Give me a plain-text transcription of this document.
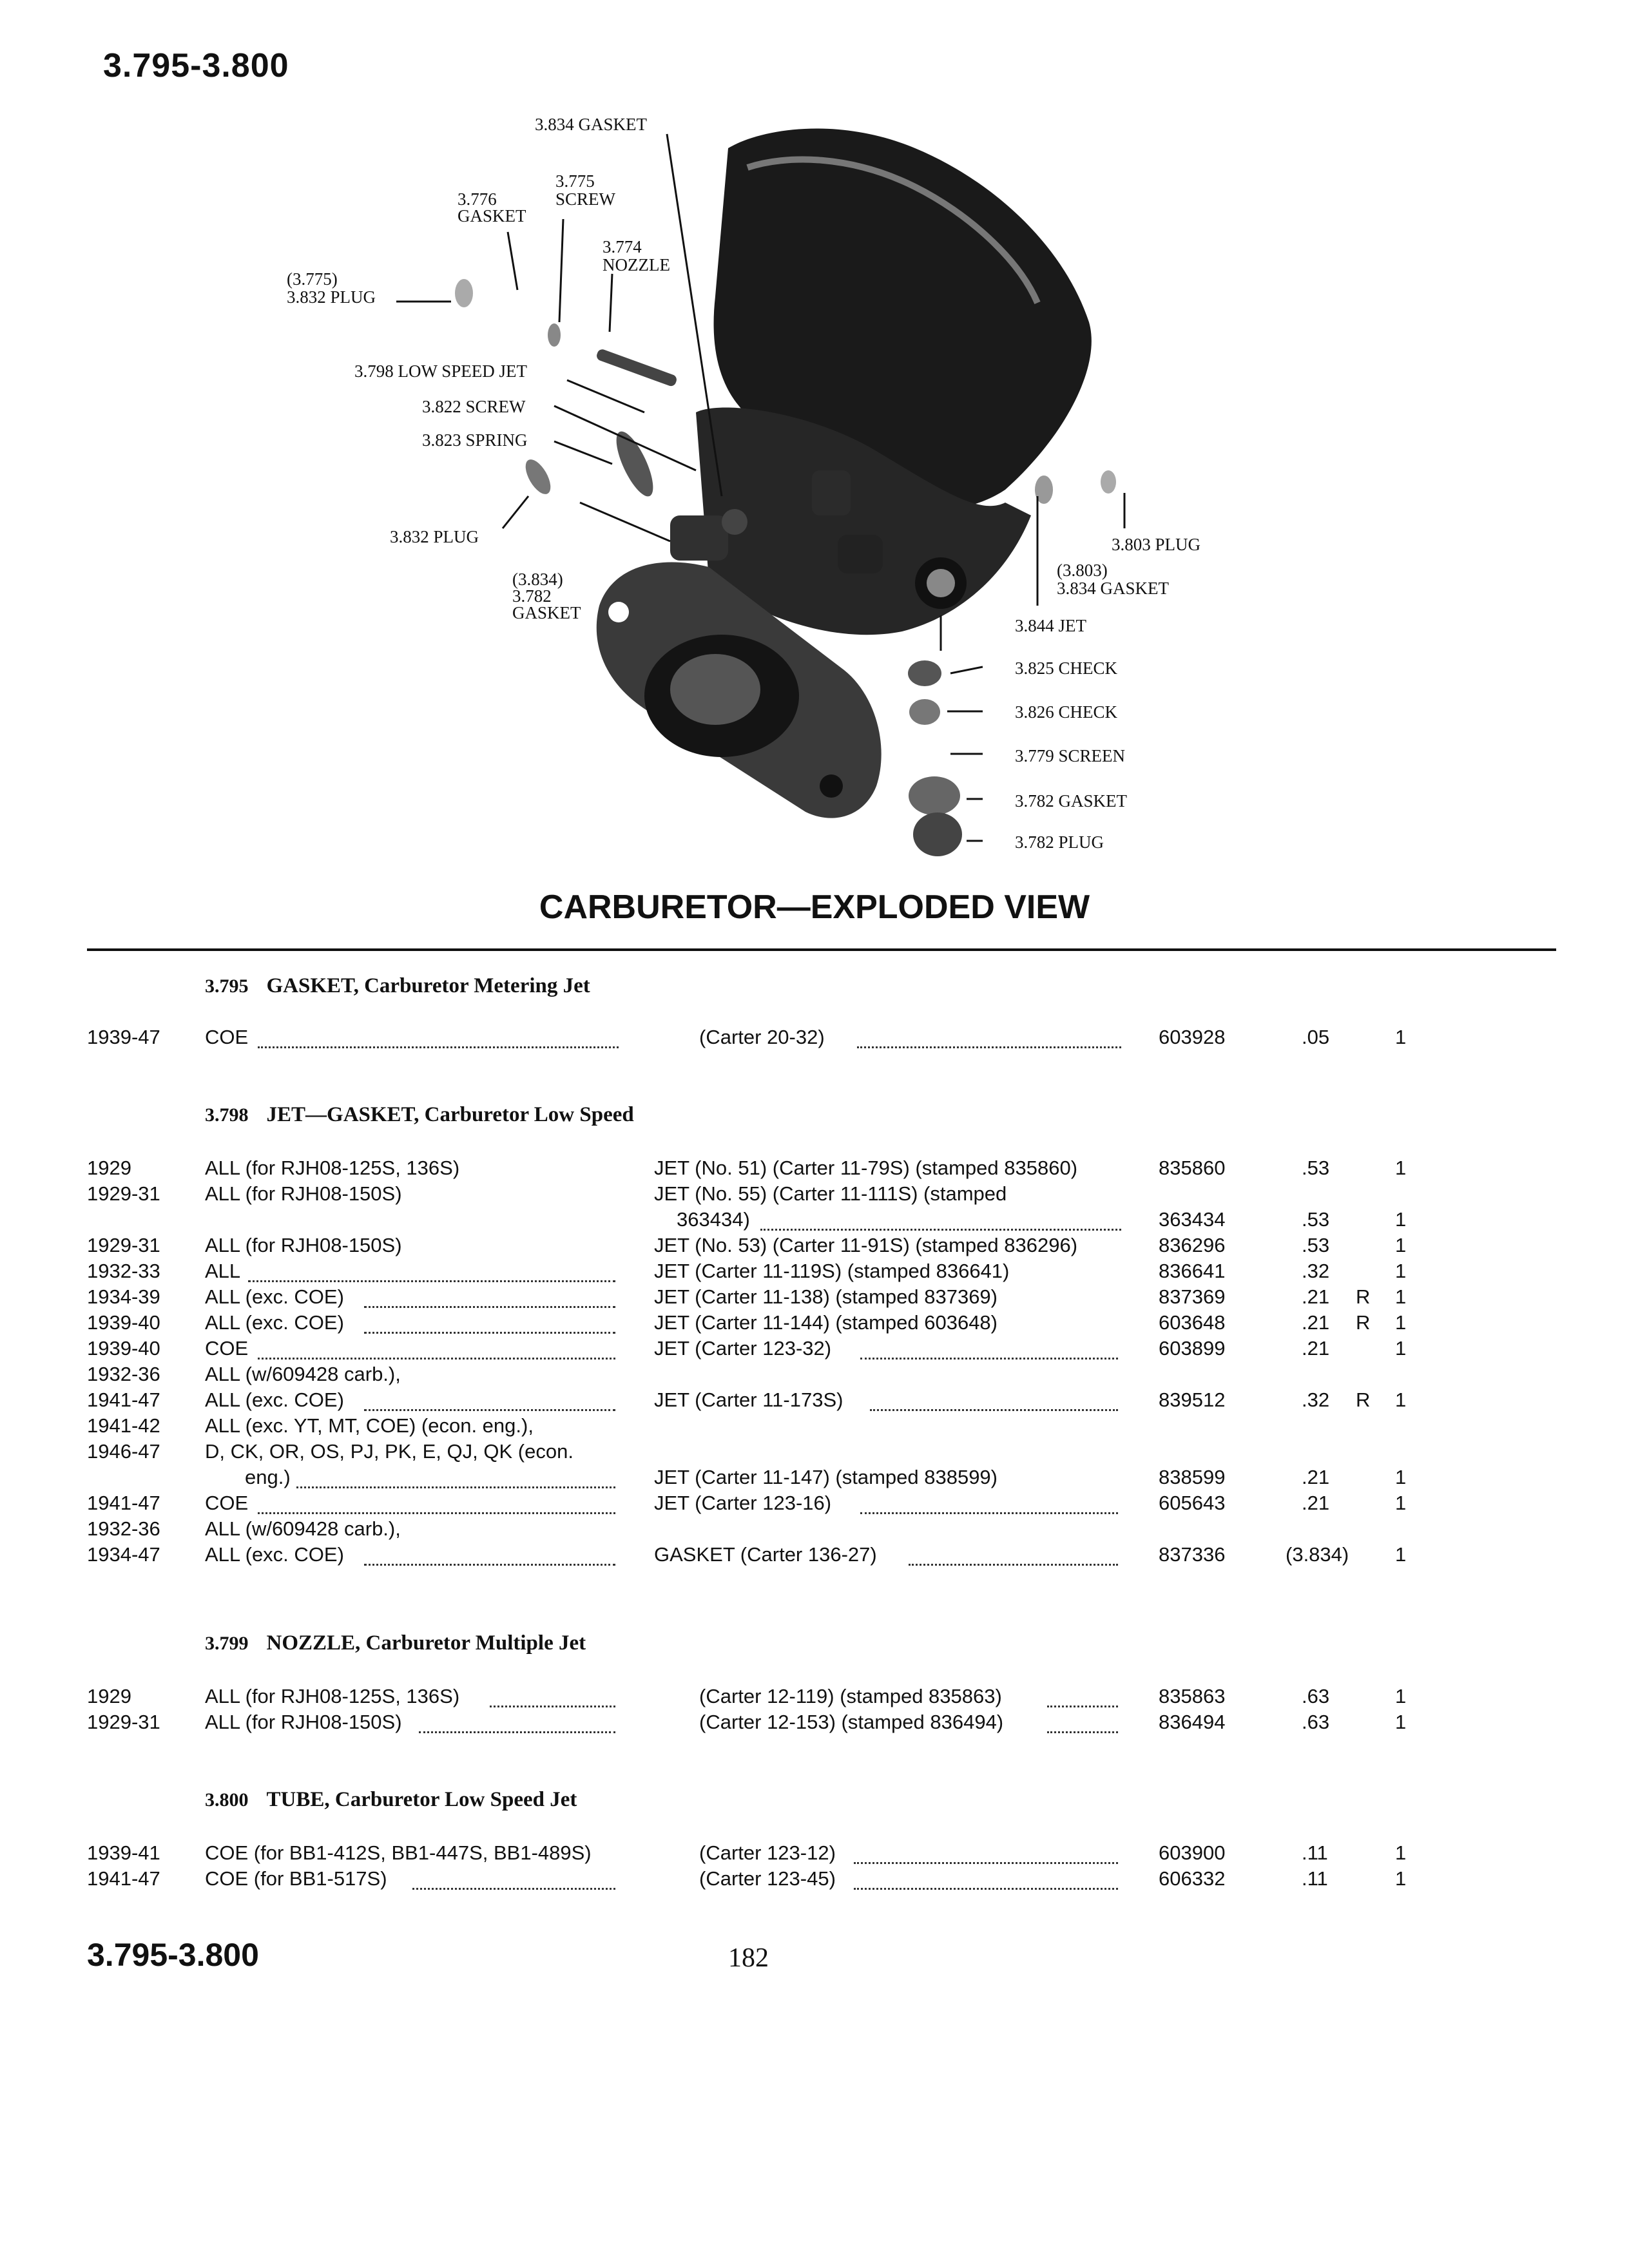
3.795-3.800
3.834 GASKET
3.775
SCREW
3.776
GASKET
3.774
NOZZLE
(3.775)
3.832 PLUG
3.798 LOW SPEED JET
3.822 SCREW
3.823 SPRING
3.832 PLUG
(3.834)
3.782
GASKET
3.803 PLUG
(3.803)
3.834 GASKET
3.844 JET
3.825 CHECK
3.826 CHECK
3.779 SCREEN
3.782 GASKET
3.782 PLUG
CARBURETOR—EXPLODED VIEW
3.795 GASKET, Carburetor Metering Jet
1939-47 COE	(Carter 20-32)	603928	.05	1
3.798 JET—GASKET, Carburetor Low Speed
1929	ALL (for RJH08-125S, 136S)	JET (No. 51) (Carter 11-79S) (stamped 835860)	835860	.53	1
1929-31 ALL (for RJH08-150S)	JET (No. 55) (Carter 11-111S) (stamped
363434)	363434	.53	1
1929-31 ALL (for RJH08-150S)	JET (No. 53) (Carter 11-91S) (stamped 836296)	836296	.53	1
1932-33 ALL	JET (Carter 11-119S) (stamped 836641)	836641	.32	1
1934-39 ALL (exc. COE)	JET (Carter 11-138) (stamped 837369)	837369	.21 R 1
1939-40 ALL (exc. COE)	JET (Carter 11-144) (stamped 603648)	603648	.21 R 1
1939-40 COE	JET (Carter 123-32)	603899	.21	1
1932-36 ALL (w/609428 carb.),
1941-47 ALL (exc. COE)	JET (Carter 11-173S)	839512	.32 R 1
1941-42 ALL (exc. YT, MT, COE) (econ. eng.),
1946-47 D, CK, OR, OS, PJ, PK, E, QJ, QK (econ.
eng.)	JET (Carter 11-147) (stamped 838599)	838599	.21	1
1941-47 COE	JET (Carter 123-16)	605643	.21	1
1932-36 ALL (w/609428 carb.),
1934-47 ALL (exc. COE)	GASKET (Carter 136-27)	837336	(3.834) 1
3.799 NOZZLE, Carburetor Multiple Jet
1929	ALL (for RJH08-125S, 136S)	(Carter 12-119) (stamped 835863)	835863	.63	1
1929-31 ALL (for RJH08-150S)	(Carter 12-153) (stamped 836494)	836494	.63	1
3.800 TUBE, Carburetor Low Speed Jet
1939-41 COE (for BB1-412S, BB1-447S, BB1-489S)	(Carter 123-12)	603900	.11	1
1941-47 COE (for BB1-517S)	(Carter 123-45)	606332	.11	1
3.795-3.800	182
